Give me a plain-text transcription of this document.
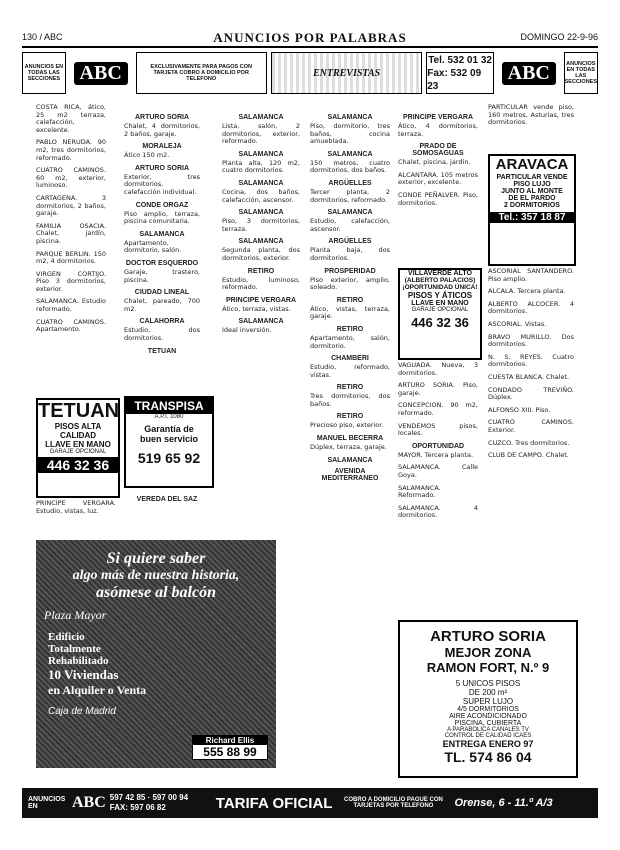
130 / ABC	ANUNCIOS POR PALABRAS	DOMINGO 22-9-96
ANUNCIOS EN TODAS LAS SECCIONES ABC	EXCLUSIVAMENTE PARA PAGOS CON TARJETA COBRO A DOMICILIO POR TELEFONO
ENTREVISTAS
Tel. 532 01 32
Fax: 532 09 23
ABC	ANUNCIOS EN TODAS LAS SECCIONES
COSTA RICA, ático, 25 m2 terraza, calefacción, excelente.
PABLO NERUDA. 90 m2, tres dormitorios, reformado.
CUATRO CAMINOS. 60 m2, exterior, luminoso.
CARTAGENA. 3 dormitorios, 2 baños, garaje.
FAMILIA OSACIA. Chalet, jardín, piscina.
PARQUE BERLIN. 150 m2, 4 dormitorios.
VIRGEN CORTIJO. Piso 3 dormitorios, exterior.
SALAMANCA. Estudio reformado.
CUATRO CAMINOS. Apartamento.
TETUAN
PISOS ALTA
CALIDAD
LLAVE EN MANO
GARAJE OPCIONAL
446 32 36
PRINCIPE VERGARA. Estudio, vistas, luz.
ARTURO SORIA
Chalet, 4 dormitorios, 2 baños, garaje.
MORALEJA
Ático 150 m2.
ARTURO SORIA
Exterior, tres dormitorios, calefacción individual.
CONDE ORGAZ
Piso amplio, terraza, piscina comunitaria.
SALAMANCA
Apartamento, dormitorio, salón.
DOCTOR ESQUERDO
Garaje, trastero, piscina.
CIUDAD LINEAL
Chalet, pareado, 700 m2.
CALAHORRA
Estudio, dos dormitorios.
TETUAN
TRANSPISA
A.P.I. 1080
Garantía de
buen servicio
519 65 92
VEREDA DEL SAZ
SALAMANCA
Lista, salón, 2 dormitorios, exterior, reformado.
SALAMANCA
Planta alta, 120 m2, cuatro dormitorios.
SALAMANCA
Cocina, dos baños, calefacción, ascensor.
SALAMANCA
Piso, 3 dormitorios, terraza.
SALAMANCA
Segunda planta, dos dormitorios, exterior.
RETIRO
Estudio, luminoso, reformado.
PRINCIPE VERGARA
Ático, terraza, vistas.
SALAMANCA
Ideal inversión.
SALAMANCA
Piso, dormitorio, tres baños, cocina amueblada.
SALAMANCA
150 metros, cuatro dormitorios, dos baños.
ARGÜELLES
Tercer planta, 2 dormitorios, reformado.
SALAMANCA
Estudio, calefacción, ascensor.
ARGÜELLES
Planta baja, dos dormitorios.
PROSPERIDAD
Piso exterior, amplio, soleado.
RETIRO
Ático, vistas, terraza, garaje.
RETIRO
Apartamento, salón, dormitorio.
CHAMBERI
Estudio, reformado, vistas.
RETIRO
Tres dormitorios, dos baños.
RETIRO
Precioso piso, exterior.
MANUEL BECERRA
Dúplex, terraza, garaje.
SALAMANCA
AVENIDA MEDITERRANEO
PRINCIPE VERGARA
Ático, 4 dormitorios, terraza.
PRADO DE SOMOSAGUAS
Chalet, piscina, jardín.
ALCANTARA. 105 metros exterior, excelente.
CONDE PEÑALVER. Piso, dormitorios.
VILLAVERDE ALTO
(ALBERTO PALACIOS)
¡OPORTUNIDAD ÚNICA!
PISOS Y ÁTICOS
LLAVE EN MANO
GARAJE OPCIONAL
446 32 36
VAGUADA. Nueva, 3 dormitorios.
ARTURO SORIA. Piso, garaje.
CONCEPCION. 90 m2, reformado.
VENDEMOS pisos, locales.
OPORTUNIDAD
MAYOR. Tercera planta.
SALAMANCA. Calle Goya.
SALAMANCA. Reformado.
SALAMANCA. 4 dormitorios.
PARTICULAR vende piso, 160 metros, Asturias, tres dormitorios.
ARAVACA
PARTICULAR VENDE
PISO LUJO
JUNTO AL MONTE
DE EL PARDO
2 DORMITORIOS
Tel.: 357 18 87
ASCORIAL SANTANDERO. Piso amplio.
ALCALA. Tercera planta.
ALBERTO ALCOCER. 4 dormitorios.
ASCORIAL. Vistas.
BRAVO MURILLO. Dos dormitorios.
N. S. REYES. Cuatro dormitorios.
CUESTA BLANCA. Chalet.
CONDADO TREVIÑO. Dúplex.
ALFONSO XIII. Piso.
CUATRO CAMINOS. Exterior.
CUZCO. Tres dormitorios.
CLUB DE CAMPO. Chalet.
ARTURO SORIA
MEJOR ZONA
RAMON FORT, N.º 9
5 UNICOS PISOS
DE 200 m²
SUPER LUJO
4/5 DORMITORIOS
AIRE ACONDICIONADO
PISCINA, CUBIERTA
A PARABOLICA CANALES TV
CONTROL DE CALIDAD ICAES
ENTREGA ENERO 97
TL. 574 86 04
Si quiere saber
algo más de nuestra historia,
asómese al balcón
Plaza Mayor
Edificio
Totalmente
Rehabilitado
10 Viviendas
en Alquiler o Venta
Caja de Madrid
Richard Ellis
555 88 99
ANUNCIOS EN	ABC 597 42 85 · 597 00 94
FAX: 597 06 82	TARIFA OFICIAL	COBRO A DOMICILIO PAGUE CON TARJETAS POR TELEFONO	Orense, 6 - 11.º A/3
